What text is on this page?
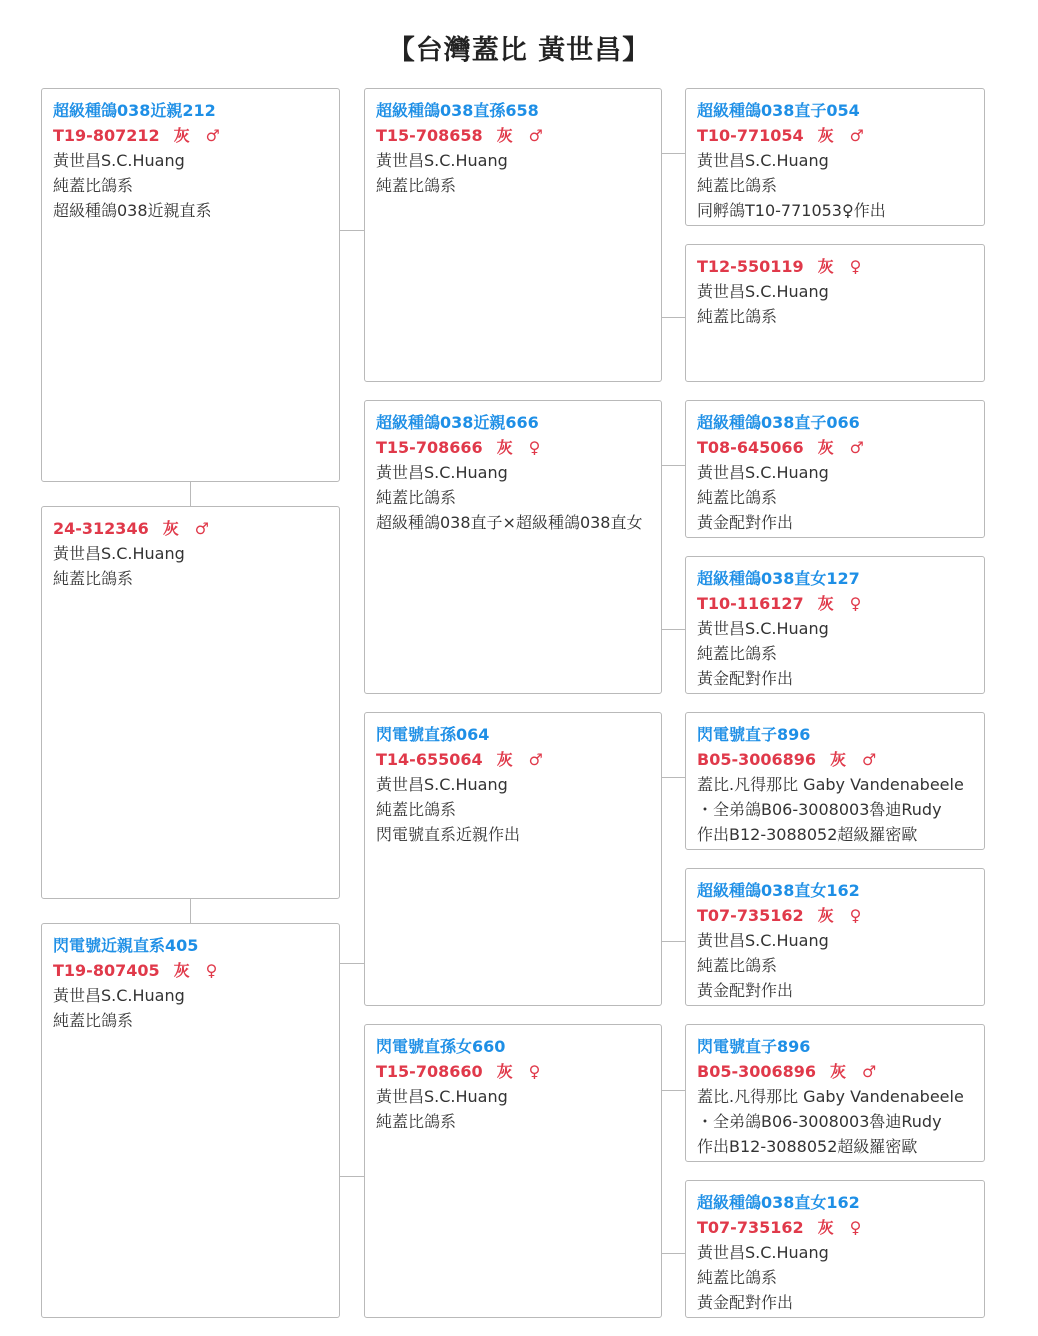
【台灣蓋比 黃世昌】
超級種鴿038近親212
T19-807212 灰 ♂
黃世昌S.C.Huang
純蓋比鴿系
超級種鴿038近親直系
24-312346 灰 ♂
黃世昌S.C.Huang
純蓋比鴿系
閃電號近親直系405
T19-807405 灰 ♀
黃世昌S.C.Huang
純蓋比鴿系
超級種鴿038直孫658
T15-708658 灰 ♂
黃世昌S.C.Huang
純蓋比鴿系
超級種鴿038近親666
T15-708666 灰 ♀
黃世昌S.C.Huang
純蓋比鴿系
超級種鴿038直子×超級種鴿038直女
閃電號直孫064
T14-655064 灰 ♂
黃世昌S.C.Huang
純蓋比鴿系
閃電號直系近親作出
閃電號直孫女660
T15-708660 灰 ♀
黃世昌S.C.Huang
純蓋比鴿系
超級種鴿038直子054
T10-771054 灰 ♂
黃世昌S.C.Huang
純蓋比鴿系
同孵鴿T10-771053♀作出
T12-550119 灰 ♀
黃世昌S.C.Huang
純蓋比鴿系
超級種鴿038直子066
T08-645066 灰 ♂
黃世昌S.C.Huang
純蓋比鴿系
黃金配對作出
超級種鴿038直女127
T10-116127 灰 ♀
黃世昌S.C.Huang
純蓋比鴿系
黃金配對作出
閃電號直子896
B05-3006896 灰 ♂
蓋比.凡得那比 Gaby Vandenabeele
・全弟鴿B06-3008003魯迪Rudy
作出B12-3088052超級羅密歐
超級種鴿038直女162
T07-735162 灰 ♀
黃世昌S.C.Huang
純蓋比鴿系
黃金配對作出
閃電號直子896
B05-3006896 灰 ♂
蓋比.凡得那比 Gaby Vandenabeele
・全弟鴿B06-3008003魯迪Rudy
作出B12-3088052超級羅密歐
超級種鴿038直女162
T07-735162 灰 ♀
黃世昌S.C.Huang
純蓋比鴿系
黃金配對作出
